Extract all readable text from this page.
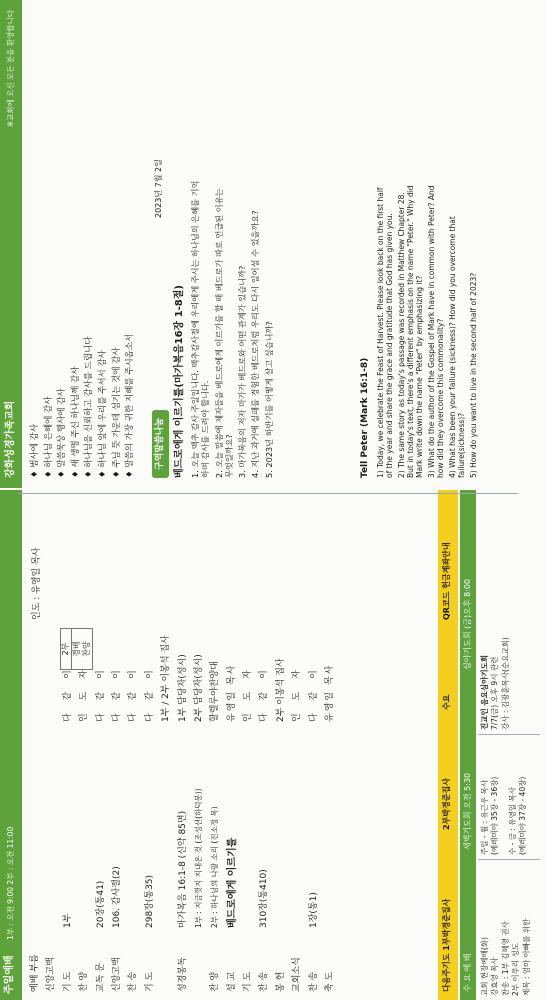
주일예배
1부 : 오전 9:00 2부 : 오전 11:00
인도 : 유영일 목사
예배 부름 신앙고백 기 도
1부
다 같 이
찬 양
인 도 자
교독 문
20장(통41)
다 같 이
신앙고백
106. 감사절(2)
다 같 이
찬 송
다 같 이
기 도
298장(통35)
다 같 이 1부 / 2부 이봉석 집사
성경봉독
마가복음 16:1-8 (신약 85면)
1부 담당자(성시)
1부 : 지금껏지 지내온 것 (조성선(하덕봉))
2부 담당자(성시)
찬 양
2부 : 하나님의 나팔 소리 (진소정 목)
할렐루야찬양대
설 교
베드로에게 이르기를
유영일 목사
기 도
인 도 자
찬 송
310장(통410)
다 같 이
봉 헌
2부 이봉석 집사
교회소식
인 도 자
찬 송
1장(통1)
다 같 이
축 도
유영일 목사
2부 경배 찬양
다음주기도 1부박경준집사
2부박경준집사
수요
QR코드 헌금계좌안내
수 요 예 배
새벽기도회 오전 5:30
심야기도회 (금)오후 8:00
교회 현장예배(화) 강효영 목사 찬송 : 1부 김혜영 권사 2부 이루리 성도 제목 : 엄마 아빠를 위한
주일 - 월 : 유근우 목사 (예레미야 35장 - 36장) 수 - 금 : 유영일 목사 (예레미야 37장 - 40장)
진교인 음요심야기도회 7/7(금) 오후 9시 관련 강사 : 김광훈목사(순요교회)
강화성경가족교회
※교회에 오신 모든 분을 환영합니다
♦ 범사에 감사
♦ 하나님 은혜에 감사
♦ 말씀묵상 행사에 감사
♦ 새 생명 주신 하나님께 감사
♦ 하나님을 신뢰하고 감사를 드립니다
♦ 하나님 앞에 우리를 주셔서 감사
♦ 주님 뜻 가운데 섬기는 것에 감사
♦ 말씀의 가장 귀한 지혜를 주시옵소서	구역말씀나눔
2023년 7월 2일
베드로에게 이르기를(마가복음16장 1-8절) 1. 오늘 맥추 감사 주일입니다. 맥추감사절에 우리에게 주시는 하나님의 은혜를 기억하며 감사를 드려야 합니다. 2. 오늘 말씀에 제자들을 베드로에게 이르기를 할 때 베드로가 따로 언급된 이유는 무엇일까요? 3. 마가복음의 저자 마가가 베드로와 어떤 관계가 있습니까? 4. 지난 과거에 실패를 경험한 베드로처럼 우리도 다시 일어설 수 있을까요? 5. 2023년 하반기를 어떻게 살고 싶습니까?	Tell Peter (Mark 16:1-8) 1) Today, we celebrate the Feast of Harvest. Please look back on the first half of the year and share the grace and gratitude that God has given you. 2) The same story as today's passage was recorded in Matthew Chapter 28. But in today's text, there's a different emphasis on the name "Peter." Why did Mark write down the name "Peter" by emphasizing it? 3) What do the author of the Gospel of Mark have in common with Peter? And how did they overcome this commonality? 4) What has been your failure (sickness)? How did you overcome that failure(sickness)? 5) How do you want to live in the second half of 2023?
